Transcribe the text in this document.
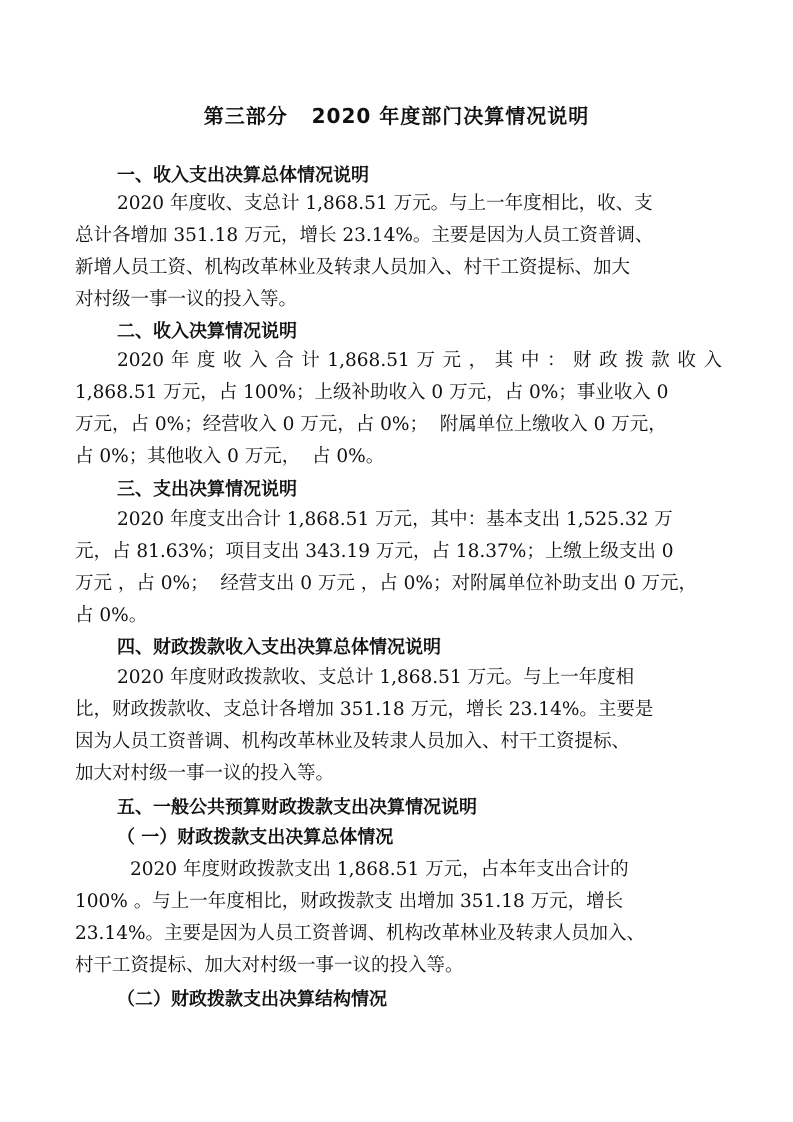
第三部分   2020 年度部门决算情况说明
一、收入支出决算总体情况说明
2020 年度收、支总计 1,868.51 万元。与上一年度相比，收、支
总计各增加 351.18 万元，增长 23.14%。主要是因为人员工资普调、
新增人员工资、机构改革林业及转隶人员加入、村干工资提标、加大
对村级一事一议的投入等。
二、收入决算情况说明
2020 年 度 收 入 合 计 1,868.51 万 元 ， 其 中 ： 财 政 拨 款 收 入
1,868.51 万元，占 100%；上级补助收入 0 万元，占 0%；事业收入 0
万元，占 0%；经营收入 0 万元，占 0%；  附属单位上缴收入 0 万元，
占 0%；其他收入 0 万元，  占 0%。
三、支出决算情况说明
2020 年度支出合计 1,868.51 万元，其中：基本支出 1,525.32 万
元，占 81.63%；项目支出 343.19 万元，占 18.37%；上缴上级支出 0
万元 ，占 0%；  经营支出 0 万元 ，占 0%；对附属单位补助支出 0 万元，
占 0%。
四、财政拨款收入支出决算总体情况说明
2020 年度财政拨款收、支总计 1,868.51 万元。与上一年度相
比，财政拨款收、支总计各增加 351.18 万元，增长 23.14%。主要是
因为人员工资普调、机构改革林业及转隶人员加入、村干工资提标、
加大对村级一事一议的投入等。
五、一般公共预算财政拨款支出决算情况说明
（ 一）财政拨款支出决算总体情况
2020 年度财政拨款支出 1,868.51 万元，占本年支出合计的
100% 。与上一年度相比，财政拨款支 出增加 351.18 万元，增长
23.14%。主要是因为人员工资普调、机构改革林业及转隶人员加入、
村干工资提标、加大对村级一事一议的投入等。
（二）财政拨款支出决算结构情况
